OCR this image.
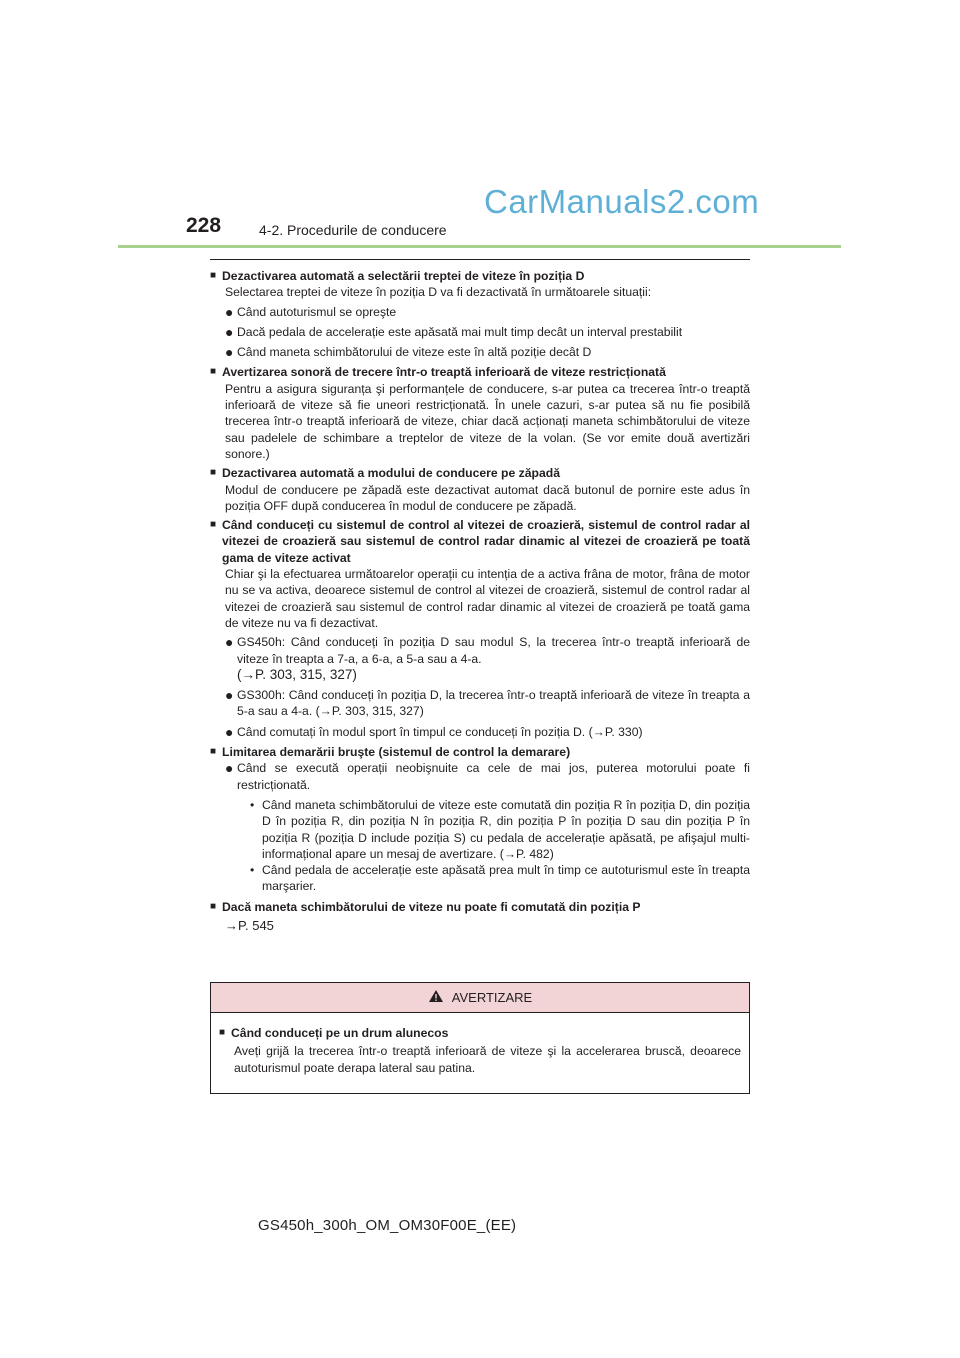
228	4-2. Procedurile de conducere
CarManuals2.com
■ Dezactivarea automată a selectării treptei de viteze în poziția D
Selectarea treptei de viteze în poziția D va fi dezactivată în următoarele situații:
● Când autoturismul se opreşte
● Dacă pedala de accelerație este apăsată mai mult timp decât un interval prestabilit
● Când maneta schimbătorului de viteze este în altă poziție decât D
■ Avertizarea sonoră de trecere într-o treaptă inferioară de viteze restricționată
Pentru a asigura siguranța şi performanțele de conducere, s-ar putea ca trecerea într-o treaptă inferioară de viteze să fie uneori restricționată. În unele cazuri, s-ar putea să nu fie posibilă trecerea într-o treaptă inferioară de viteze, chiar dacă acționați maneta schimbătorului de viteze sau padelele de schimbare a treptelor de viteze de la volan. (Se vor emite două avertizări sonore.)
■ Dezactivarea automată a modului de conducere pe zăpadă
Modul de conducere pe zăpadă este dezactivat automat dacă butonul de pornire este adus în poziția OFF după conducerea în modul de conducere pe zăpadă.
■ Când conduceți cu sistemul de control al vitezei de croazieră, sistemul de control radar al vitezei de croazieră sau sistemul de control radar dinamic al vitezei de croazieră pe toată gama de viteze activat
Chiar şi la efectuarea următoarelor operații cu intenția de a activa frâna de motor, frâna de motor nu se va activa, deoarece sistemul de control al vitezei de croazieră, sistemul de control radar al vitezei de croazieră sau sistemul de control radar dinamic al vitezei de croazieră pe toată gama de viteze nu va fi dezactivat.
● GS450h: Când conduceți în poziția D sau modul S, la trecerea într-o treaptă inferioară de viteze în treapta a 7-a, a 6-a, a 5-a sau a 4-a.
(→P. 303, 315, 327)
● GS300h: Când conduceți în poziția D, la trecerea într-o treaptă inferioară de viteze în treapta a 5-a sau a 4-a. (→P. 303, 315, 327)
● Când comutați în modul sport în timpul ce conduceți în poziția D. (→P. 330)
■ Limitarea demarării bruşte (sistemul de control la demarare)
● Când se execută operații neobişnuite ca cele de mai jos, puterea motorului poate fi restricționată.
• Când maneta schimbătorului de viteze este comutată din poziția R în poziția D, din poziția D în poziția R, din poziția N în poziția R, din poziția P în poziția D sau din poziția P în poziția R (poziția D include poziția S) cu pedala de accelerație apăsată, pe afişajul multi-informațional apare un mesaj de avertizare. (→P. 482)
• Când pedala de accelerație este apăsată prea mult în timp ce autoturismul este în treapta marşarier.
■ Dacă maneta schimbătorului de viteze nu poate fi comutată din poziția P
→P. 545
AVERTIZARE
■ Când conduceți pe un drum alunecos
Aveți grijă la trecerea într-o treaptă inferioară de viteze şi la accelerarea bruscă, deoarece autoturismul poate derapa lateral sau patina.
GS450h_300h_OM_OM30F00E_(EE)
